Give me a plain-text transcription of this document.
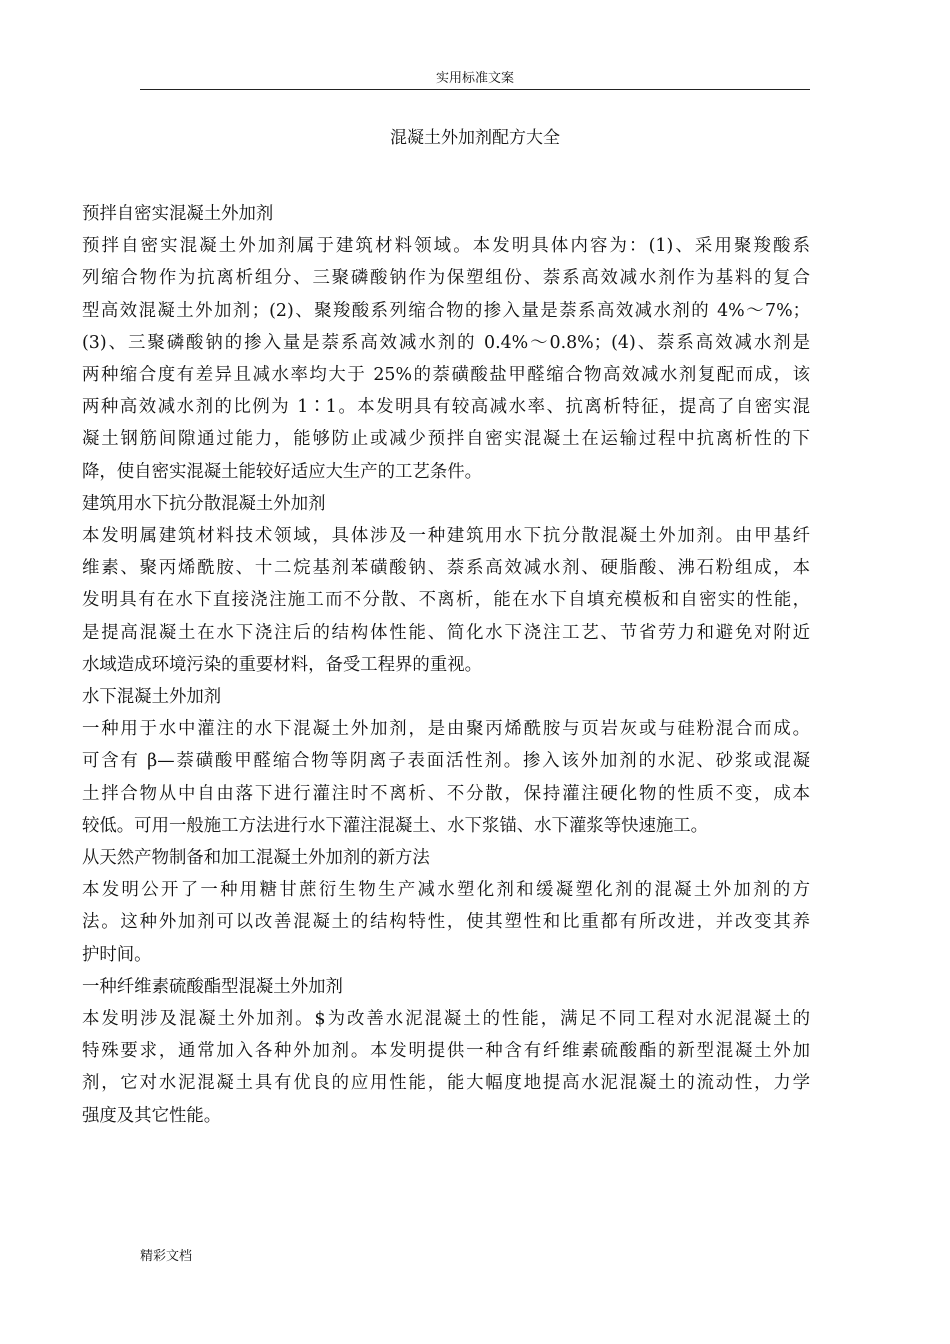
实用标准文案
混凝土外加剂配方大全

预拌自密实混凝土外加剂

预拌自密实混凝土外加剂属于建筑材料领域。本发明具体内容为：(1)、采用聚羧酸系
列缩合物作为抗离析组分、三聚磷酸钠作为保塑组份、萘系高效减水剂作为基料的复合
型高效混凝土外加剂；(2)、聚羧酸系列缩合物的掺入量是萘系高效减水剂的 4%～7%；
(3)、三聚磷酸钠的掺入量是萘系高效减水剂的 0.4%～0.8%；(4)、萘系高效减水剂是
两种缩合度有差异且减水率均大于 25%的萘磺酸盐甲醛缩合物高效减水剂复配而成，该
两种高效减水剂的比例为 1∶1。本发明具有较高减水率、抗离析特征，提高了自密实混
凝土钢筋间隙通过能力，能够防止或减少预拌自密实混凝土在运输过程中抗离析性的下
降，使自密实混凝土能较好适应大生产的工艺条件。

建筑用水下抗分散混凝土外加剂

本发明属建筑材料技术领域，具体涉及一种建筑用水下抗分散混凝土外加剂。由甲基纤
维素、聚丙烯酰胺、十二烷基剂苯磺酸钠、萘系高效减水剂、硬脂酸、沸石粉组成，本
发明具有在水下直接浇注施工而不分散、不离析，能在水下自填充模板和自密实的性能，
是提高混凝土在水下浇注后的结构体性能、简化水下浇注工艺、节省劳力和避免对附近
水域造成环境污染的重要材料，备受工程界的重视。

水下混凝土外加剂

一种用于水中灌注的水下混凝土外加剂，是由聚丙烯酰胺与页岩灰或与硅粉混合而成。
可含有 β—萘磺酸甲醛缩合物等阴离子表面活性剂。掺入该外加剂的水泥、砂浆或混凝
土拌合物从中自由落下进行灌注时不离析、不分散，保持灌注硬化物的性质不变，成本
较低。可用一般施工方法进行水下灌注混凝土、水下浆锚、水下灌浆等快速施工。

从天然产物制备和加工混凝土外加剂的新方法

本发明公开了一种用糖甘蔗衍生物生产减水塑化剂和缓凝塑化剂的混凝土外加剂的方
法。这种外加剂可以改善混凝土的结构特性，使其塑性和比重都有所改进，并改变其养
护时间。

一种纤维素硫酸酯型混凝土外加剂

本发明涉及混凝土外加剂。$为改善水泥混凝土的性能，满足不同工程对水泥混凝土的
特殊要求，通常加入各种外加剂。本发明提供一种含有纤维素硫酸酯的新型混凝土外加
剂，它对水泥混凝土具有优良的应用性能，能大幅度地提高水泥混凝土的流动性，力学
强度及其它性能。
精彩文档
